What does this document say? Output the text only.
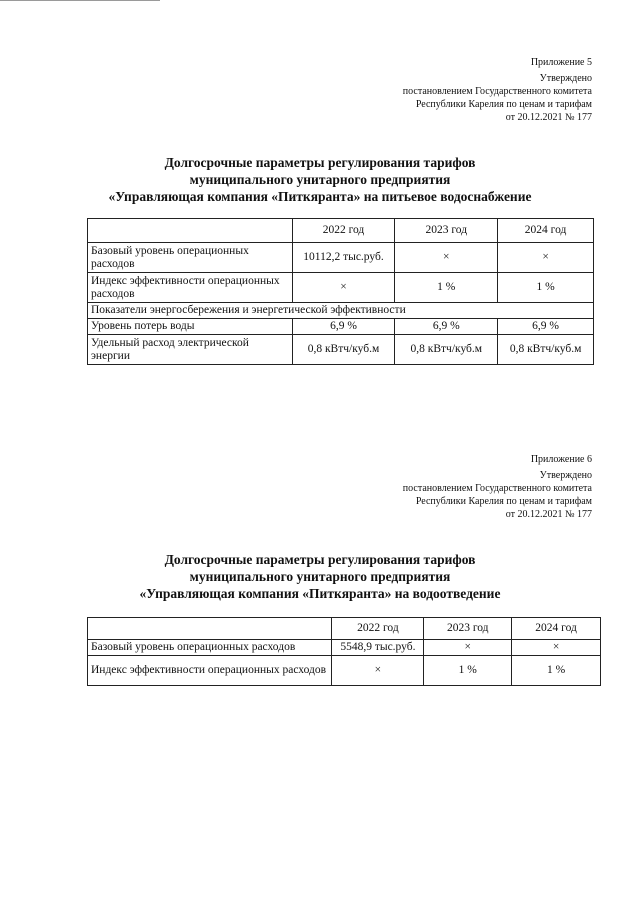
Приложение 5
Утверждено
постановлением Государственного комитета
Республики Карелия по ценам и тарифам
от 20.12.2021 № 177
Долгосрочные параметры регулирования тарифов
муниципального унитарного предприятия
«Управляющая компания «Питкяранта» на питьевое водоснабжение
	2022 год	2023 год	2024 год
Базовый уровень операционных расходов	10112,2 тыс.руб.	×	×
Индекс эффективности операционных расходов	×	1 %	1 %
Показатели энергосбережения и энергетической эффективности			
Уровень потерь воды	6,9 %	6,9 %	6,9 %
Удельный расход электрической энергии	0,8 кВтч/куб.м	0,8 кВтч/куб.м	0,8 кВтч/куб.м
Приложение 6
Утверждено
постановлением Государственного комитета
Республики Карелия по ценам и тарифам
от 20.12.2021 № 177
Долгосрочные параметры регулирования тарифов
муниципального унитарного предприятия
«Управляющая компания «Питкяранта» на водоотведение
	2022 год	2023 год	2024 год
Базовый уровень операционных расходов	5548,9 тыс.руб.	×	×
Индекс эффективности операционных расходов	×	1 %	1 %
